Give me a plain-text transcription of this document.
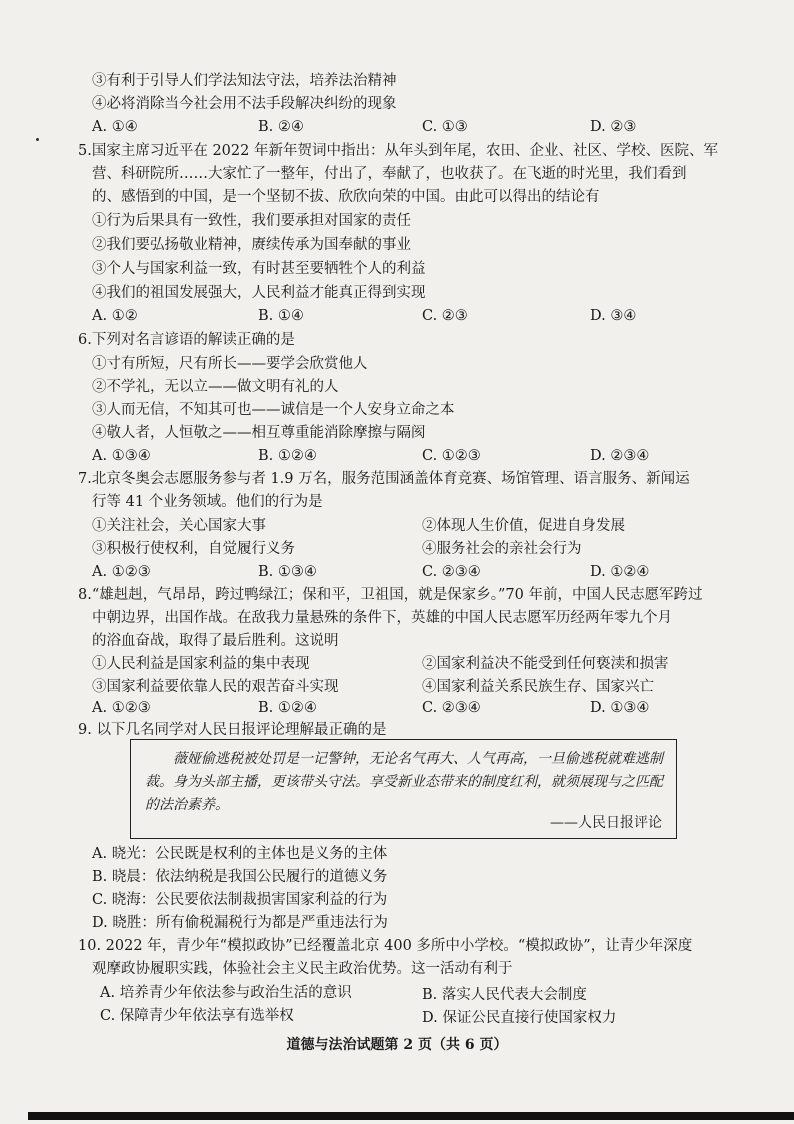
③有利于引导人们学法知法守法，培养法治精神
④必将消除当今社会用不法手段解决纠纷的现象
A. ①④	B. ②④	C. ①③	D. ②③
5.国家主席习近平在 2022 年新年贺词中指出：从年头到年尾，农田、企业、社区、学校、医院、军
营、科研院所……大家忙了一整年，付出了，奉献了，也收获了。在飞逝的时光里，我们看到
的、感悟到的中国，是一个坚韧不拔、欣欣向荣的中国。由此可以得出的结论有
①行为后果具有一致性，我们要承担对国家的责任
②我们要弘扬敬业精神，赓续传承为国奉献的事业
③个人与国家利益一致，有时甚至要牺牲个人的利益
④我们的祖国发展强大，人民利益才能真正得到实现
A. ①②	B. ①④	C. ②③	D. ③④
6.下列对名言谚语的解读正确的是
①寸有所短，尺有所长——要学会欣赏他人
②不学礼，无以立——做文明有礼的人
③人而无信，不知其可也——诚信是一个人安身立命之本
④敬人者，人恒敬之——相互尊重能消除摩擦与隔阂
A. ①③④	B. ①②④	C. ①②③	D. ②③④
7.北京冬奥会志愿服务参与者 1.9 万名，服务范围涵盖体育竞赛、场馆管理、语言服务、新闻运
行等 41 个业务领域。他们的行为是
①关注社会，关心国家大事	②体现人生价值，促进自身发展
③积极行使权利，自觉履行义务	④服务社会的亲社会行为
A. ①②③	B. ①③④	C. ②③④	D. ①②④
8.“雄赳赳，气昂昂，跨过鸭绿江；保和平，卫祖国，就是保家乡。”70 年前，中国人民志愿军跨过
中朝边界，出国作战。在敌我力量悬殊的条件下，英雄的中国人民志愿军历经两年零九个月
的浴血奋战，取得了最后胜利。这说明
①人民利益是国家利益的集中表现	②国家利益决不能受到任何亵渎和损害
③国家利益要依靠人民的艰苦奋斗实现	④国家利益关系民族生存、国家兴亡
A. ①②③	B. ①②④	C. ②③④	D. ①③④
9. 以下几名同学对人民日报评论理解最正确的是
薇娅偷逃税被处罚是一记警钟，无论名气再大、人气再高，一旦偷逃税就难逃制裁。身为头部主播，更该带头守法。享受新业态带来的制度红利，就须展现与之匹配的法治素养。
——人民日报评论
A. 晓光：公民既是权利的主体也是义务的主体
B. 晓晨：依法纳税是我国公民履行的道德义务
C. 晓海：公民要依法制裁损害国家利益的行为
D. 晓胜：所有偷税漏税行为都是严重违法行为
10. 2022 年，青少年“模拟政协”已经覆盖北京 400 多所中小学校。“模拟政协”，让青少年深度
观摩政协履职实践，体验社会主义民主政治优势。这一活动有利于
A. 培养青少年依法参与政治生活的意识	B. 落实人民代表大会制度
C. 保障青少年依法享有选举权	D. 保证公民直接行使国家权力
道德与法治试题第 2 页（共 6 页）
